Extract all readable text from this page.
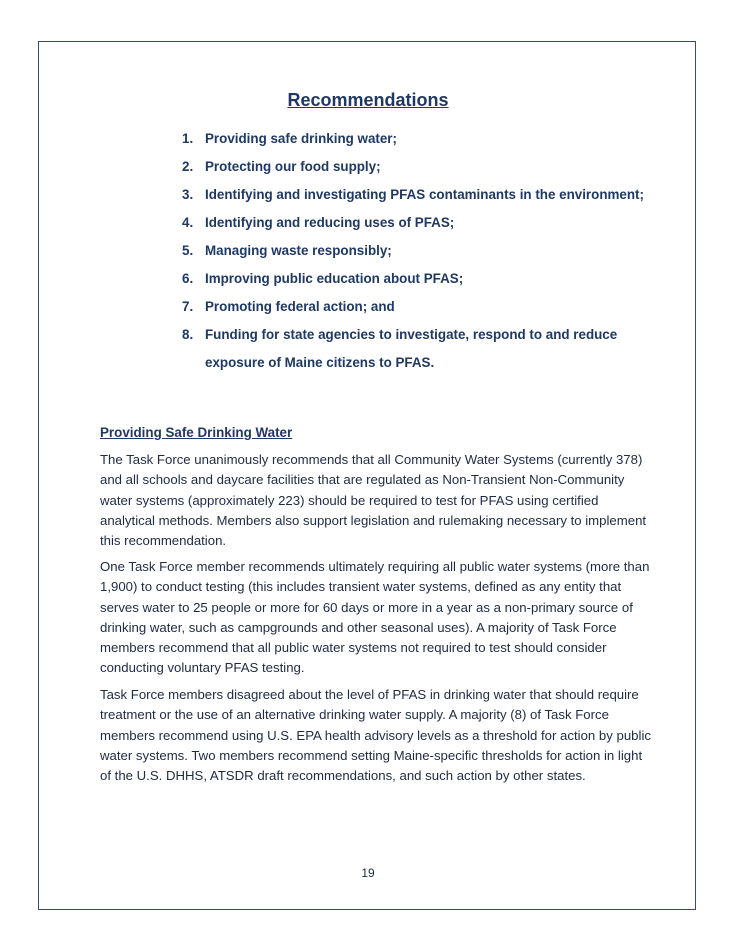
Recommendations
1. Providing safe drinking water;
2. Protecting our food supply;
3. Identifying and investigating PFAS contaminants in the environment;
4. Identifying and reducing uses of PFAS;
5. Managing waste responsibly;
6. Improving public education about PFAS;
7. Promoting federal action; and
8. Funding for state agencies to investigate, respond to and reduce exposure of Maine citizens to PFAS.
Providing Safe Drinking Water

The Task Force unanimously recommends that all Community Water Systems (currently 378) and all schools and daycare facilities that are regulated as Non-Transient Non-Community water systems (approximately 223) should be required to test for PFAS using certified analytical methods. Members also support legislation and rulemaking necessary to implement this recommendation.

One Task Force member recommends ultimately requiring all public water systems (more than 1,900) to conduct testing (this includes transient water systems, defined as any entity that serves water to 25 people or more for 60 days or more in a year as a non-primary source of drinking water, such as campgrounds and other seasonal uses). A majority of Task Force members recommend that all public water systems not required to test should consider conducting voluntary PFAS testing.

Task Force members disagreed about the level of PFAS in drinking water that should require treatment or the use of an alternative drinking water supply. A majority (8) of Task Force members recommend using U.S. EPA health advisory levels as a threshold for action by public water systems. Two members recommend setting Maine-specific thresholds for action in light of the U.S. DHHS, ATSDR draft recommendations, and such action by other states.

19
